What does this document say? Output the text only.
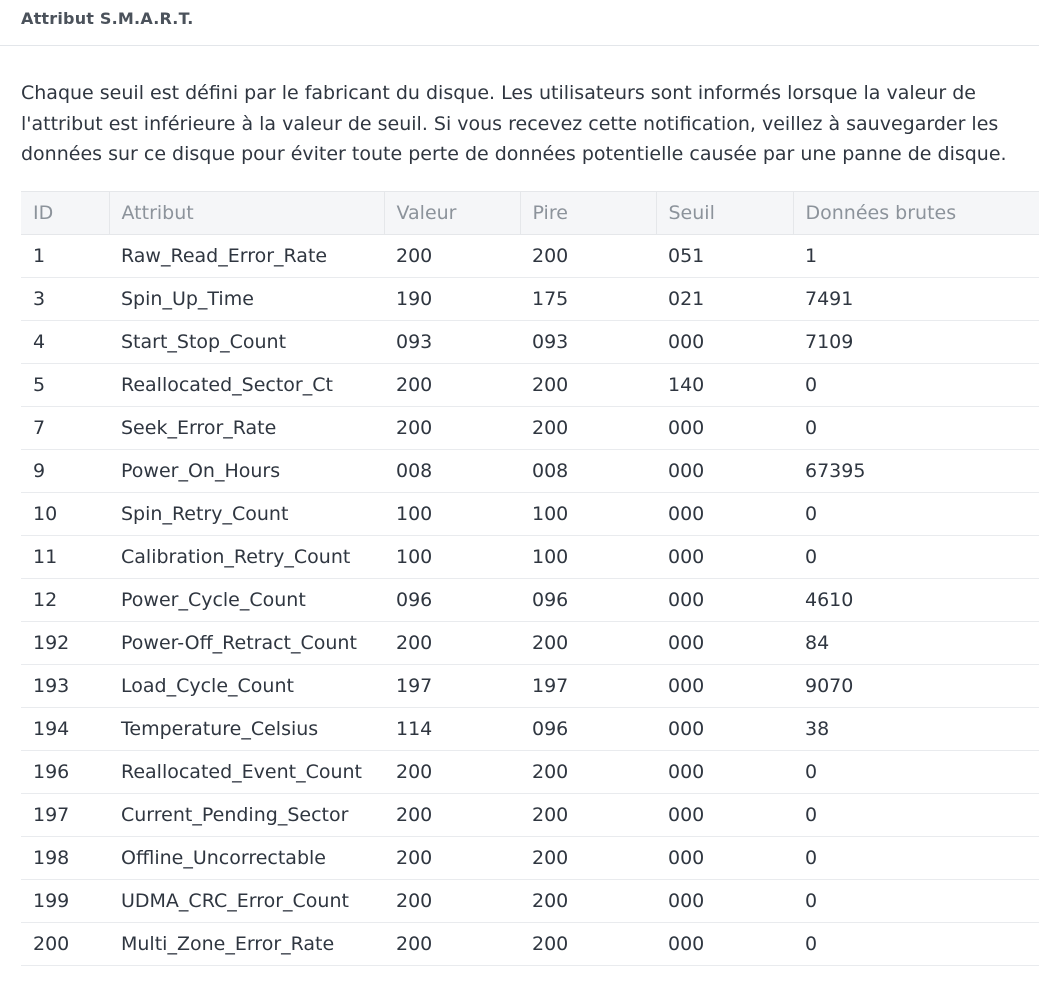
Attribut S.M.A.R.T.

Chaque seuil est défini par le fabricant du disque. Les utilisateurs sont informés lorsque la valeur de l'attribut est inférieure à la valeur de seuil. Si vous recevez cette notification, veillez à sauvegarder les données sur ce disque pour éviter toute perte de données potentielle causée par une panne de disque.

ID	Attribut	Valeur	Pire	Seuil	Données brutes
1	Raw_Read_Error_Rate	200	200	051	1
3	Spin_Up_Time	190	175	021	7491
4	Start_Stop_Count	093	093	000	7109
5	Reallocated_Sector_Ct	200	200	140	0
7	Seek_Error_Rate	200	200	000	0
9	Power_On_Hours	008	008	000	67395
10	Spin_Retry_Count	100	100	000	0
11	Calibration_Retry_Count	100	100	000	0
12	Power_Cycle_Count	096	096	000	4610
192	Power-Off_Retract_Count	200	200	000	84
193	Load_Cycle_Count	197	197	000	9070
194	Temperature_Celsius	114	096	000	38
196	Reallocated_Event_Count	200	200	000	0
197	Current_Pending_Sector	200	200	000	0
198	Offline_Uncorrectable	200	200	000	0
199	UDMA_CRC_Error_Count	200	200	000	0
200	Multi_Zone_Error_Rate	200	200	000	0
